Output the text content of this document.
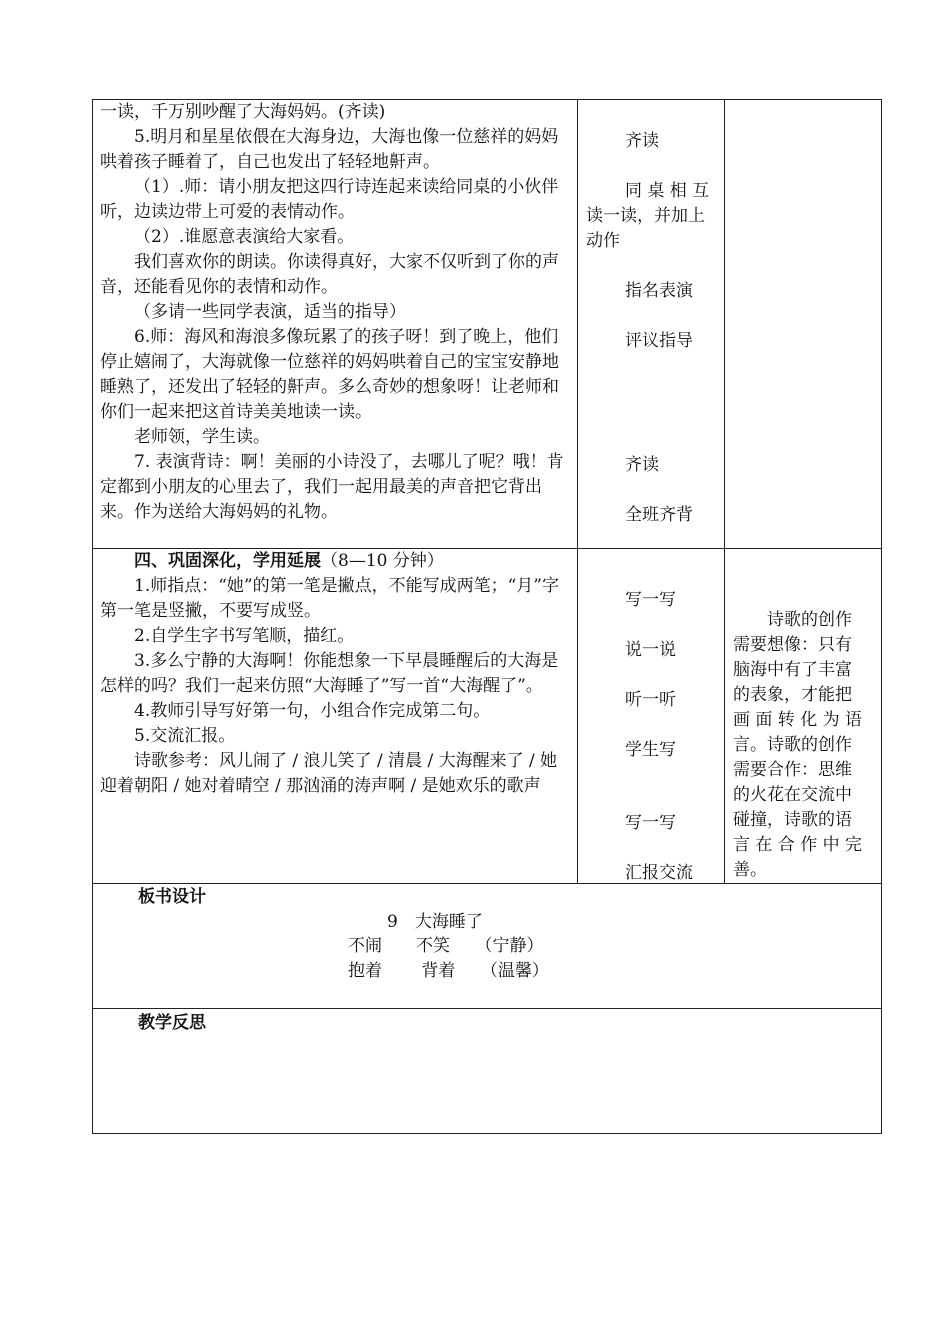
一读，千万别吵醒了大海妈妈。(齐读)

5.明月和星星依偎在大海身边，大海也像一位慈祥的妈妈哄着孩子睡着了，自己也发出了轻轻地鼾声。

（1）.师：请小朋友把这四行诗连起来读给同桌的小伙伴听，边读边带上可爱的表情动作。

（2）.谁愿意表演给大家看。

我们喜欢你的朗读。你读得真好，大家不仅听到了你的声音，还能看见你的表情和动作。

（多请一些同学表演，适当的指导）

6.师：海风和海浪多像玩累了的孩子呀！到了晚上，他们停止嬉闹了，大海就像一位慈祥的妈妈哄着自己的宝宝安静地睡熟了，还发出了轻轻的鼾声。多么奇妙的想象呀！让老师和你们一起来把这首诗美美地读一读。

老师领，学生读。

7. 表演背诗：啊！美丽的小诗没了，去哪儿了呢？哦！肯定都到小朋友的心里去了，我们一起用最美的声音把它背出来。作为送给大海妈妈的礼物。

齐读
同 桌 相 互
读一读，并加上
动作
指名表演
评议指导
齐读
全班齐背

四、巩固深化，学用延展（8—10 分钟）

1.师指点：“她”的第一笔是撇点，不能写成两笔；“月”字第一笔是竖撇，不要写成竖。

2.自学生字书写笔顺，描红。

3.多么宁静的大海啊！你能想象一下早晨睡醒后的大海是怎样的吗？我们一起来仿照“大海睡了”写一首“大海醒了”。

4.教师引导写好第一句，小组合作完成第二句。

5.交流汇报。

诗歌参考：风儿闹了 / 浪儿笑了 / 清晨 / 大海醒来了 / 她迎着朝阳 / 她对着晴空 / 那汹涌的涛声啊 / 是她欢乐的歌声

写一写
说一说
听一听
学生写
写一写
汇报交流

诗歌的创作

需要想像：只有

脑海中有了丰富

的表象，才能把

画 面 转 化 为 语

言。诗歌的创作

需要合作：思维

的火花在交流中

碰撞，诗歌的语

言 在 合 作 中 完

善。

板书设计
9　大海睡了
不闹　　不笑　　（宁静）
抱着　　 背着　　（温馨）
教学反思
